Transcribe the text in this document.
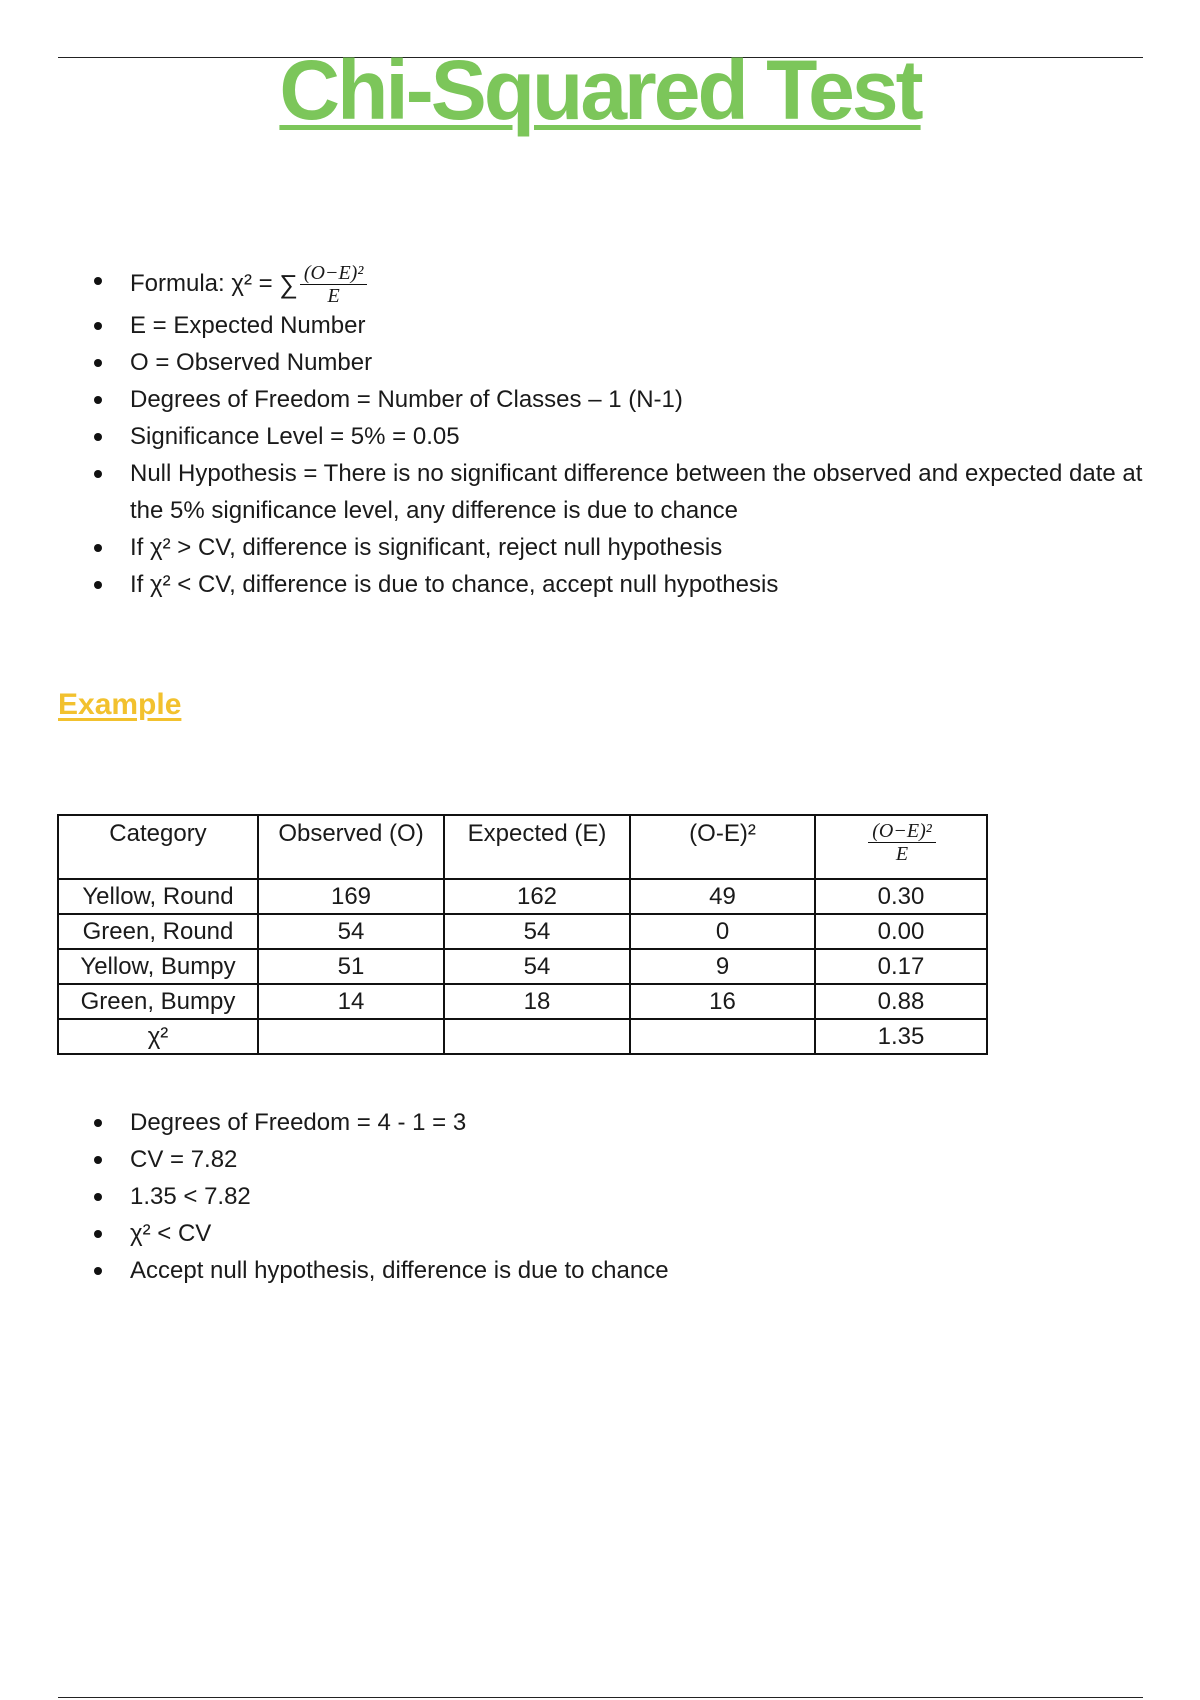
Chi-Squared Test
Formula: χ² = ∑ $\frac{\text{(O−E)²}}{E}$
E = Expected Number
O = Observed Number
Degrees of Freedom = Number of Classes – 1 (N-1)
Significance Level = 5% = 0.05
Null Hypothesis = There is no significant difference between the observed and expected date at the 5% significance level, any difference is due to chance
If χ² > CV, difference is significant, reject null hypothesis
If χ² < CV, difference is due to chance, accept null hypothesis
Example
Category	Observed (O)	Expected (E)	(O-E)²	$\frac{\text{(O−E)²}}{E}$

Yellow, Round	169	162	49	0.30
Green, Round	54	54	0	0.00
Yellow, Bumpy	51	54	9	0.17
Green, Bumpy	14	18	16	0.88
χ²				1.35
Degrees of Freedom = 4 - 1 = 3
CV = 7.82
1.35 < 7.82
χ² < CV
Accept null hypothesis, difference is due to chance
